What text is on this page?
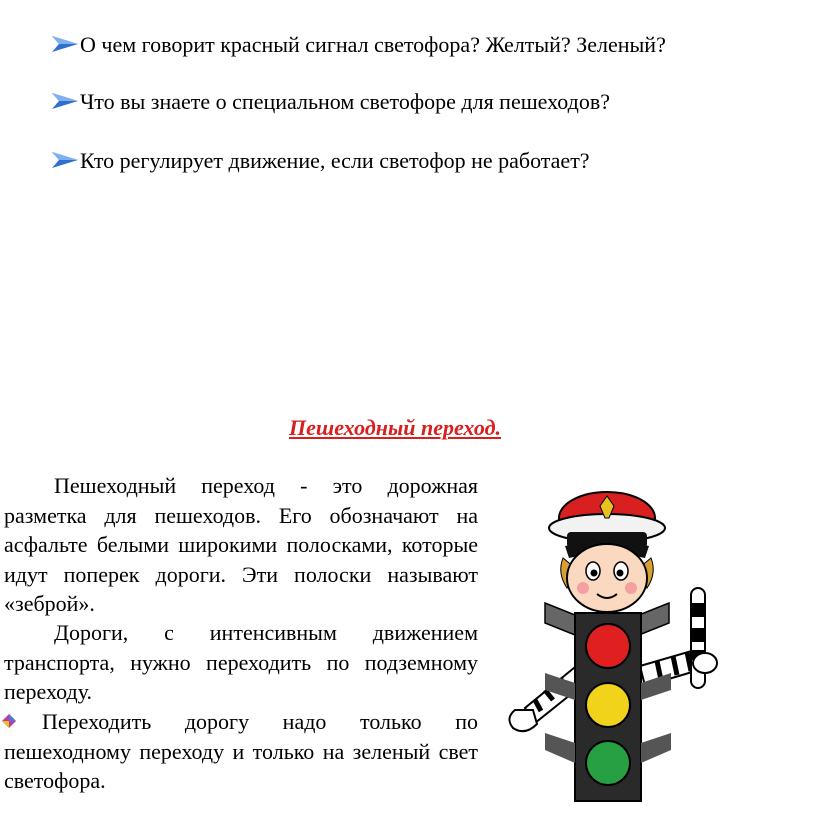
О чем говорит красный сигнал светофора? Желтый? Зеленый?
Что вы знаете о специальном светофоре для пешеходов?
Кто регулирует движение, если светофор не работает?
Пешеходный переход.
Пешеходный переход - это дорожная разметка для пешеходов. Его обозначают на асфальте белыми широкими полосками, которые идут поперек дороги. Эти полоски называют «зеброй».
Дороги, с интенсивным движением транспорта, нужно переходить по подземному переходу.
Переходить дорогу надо только по пешеходному переходу и только на зеленый свет светофора.
